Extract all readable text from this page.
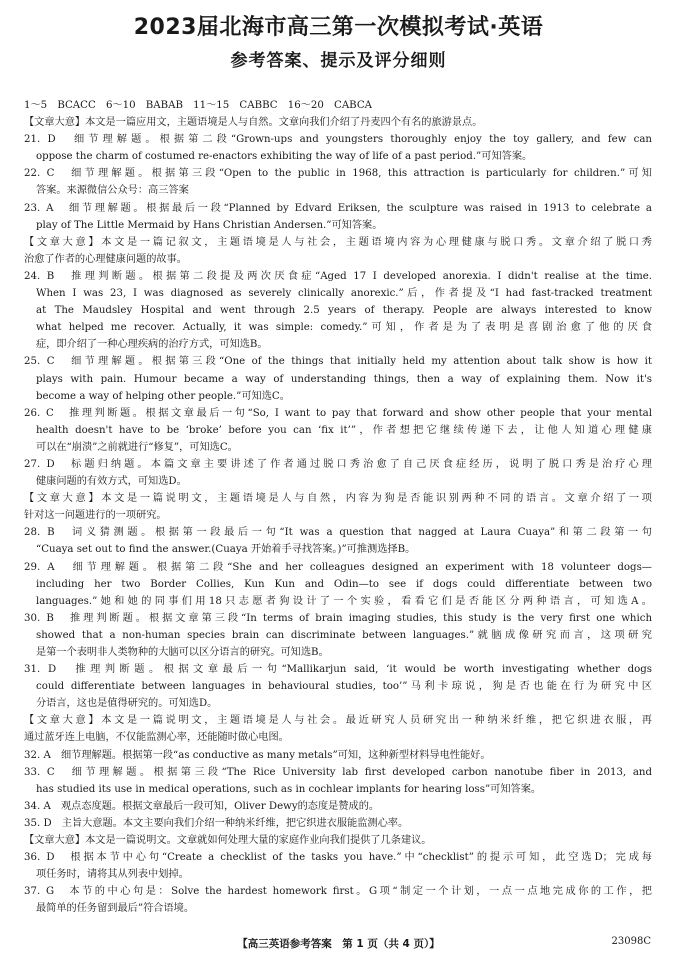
2023届北海市高三第一次模拟考试·英语
参考答案、提示及评分细则
1～5　BCACC　6～10　BABAB　11～15　CABBC　16～20　CABCA
【文章大意】本文是一篇应用文，主题语境是人与自然。文章向我们介绍了丹麦四个有名的旅游景点。
21. D　细节理解题。根据第二段“Grown-ups and youngsters thoroughly enjoy the toy gallery, and few can
oppose the charm of costumed re-enactors exhibiting the way of life of a past period.”可知答案。
22. C　细节理解题。根据第三段“Open to the public in 1968, this attraction is particularly for children.”可知
答案。来源微信公众号：高三答案
23. A　细节理解题。根据最后一段“Planned by Edvard Eriksen, the sculpture was raised in 1913 to celebrate a
play of The Little Mermaid by Hans Christian Andersen.”可知答案。
【文章大意】本文是一篇记叙文，主题语境是人与社会，主题语境内容为心理健康与脱口秀。文章介绍了脱口秀
治愈了作者的心理健康问题的故事。
24. B　推理判断题。根据第二段提及两次厌食症“Aged 17 I developed anorexia. I didn't realise at the time.
When I was 23, I was diagnosed as severely clinically anorexic.”后，作者提及“I had fast-tracked treatment
at The Maudsley Hospital and went through 2.5 years of therapy. People are always interested to know
what helped me recover. Actually, it was simple: comedy.”可知，作者是为了表明是喜剧治愈了他的厌食
症，即介绍了一种心理疾病的治疗方式，可知选B。
25. C　细节理解题。根据第三段“One of the things that initially held my attention about talk show is how it
plays with pain. Humour became a way of understanding things, then a way of explaining them. Now it's
become a way of helping other people.”可知选C。
26. C　推理判断题。根据文章最后一句“So, I want to pay that forward and show other people that your mental
health doesn't have to be ‘broke’ before you can ‘fix it’”，作者想把它继续传递下去，让他人知道心理健康
可以在“崩溃”之前就进行“修复”，可知选C。
27. D　标题归纳题。本篇文章主要讲述了作者通过脱口秀治愈了自己厌食症经历，说明了脱口秀是治疗心理
健康问题的有效方式，可知选D。
【文章大意】本文是一篇说明文，主题语境是人与自然，内容为狗是否能识别两种不同的语言。文章介绍了一项
针对这一问题进行的一项研究。
28. B　词义猜测题。根据第一段最后一句“It was a question that nagged at Laura Cuaya”和第二段第一句
“Cuaya set out to find the answer.(Cuaya 开始着手寻找答案。)”可推测选择B。
29. A　细节理解题。根据第二段“She and her colleagues designed an experiment with 18 volunteer dogs—
including her two Border Collies, Kun Kun and Odin—to see if dogs could differentiate between two
languages.”她和她的同事们用18只志愿者狗设计了一个实验，看看它们是否能区分两种语言，可知选A。
30. B　推理判断题。根据文章第三段“In terms of brain imaging studies, this study is the very first one which
showed that a non-human species brain can discriminate between languages.”就脑成像研究而言，这项研究
是第一个表明非人类物种的大脑可以区分语言的研究。可知选B。
31. D　推理判断题。根据文章最后一句“Mallikarjun said, ‘it would be worth investigating whether dogs
could differentiate between languages in behavioural studies, too’”马利卡琼说，狗是否也能在行为研究中区
分语言，这也是值得研究的。可知选D。
【文章大意】本文是一篇说明文，主题语境是人与社会。最近研究人员研究出一种纳米纤维，把它织进衣服，再
通过蓝牙连上电脑，不仅能监测心率，还能随时做心电图。
32. A　细节理解题。根据第一段“as conductive as many metals”可知，这种新型材料导电性能好。
33. C　细节理解题。根据第三段“The Rice University lab first developed carbon nanotube fiber in 2013, and
has studied its use in medical operations, such as in cochlear implants for hearing loss”可知答案。
34. A　观点态度题。根据文章最后一段可知，Oliver Dewy的态度是赞成的。
35. D　主旨大意题。本文主要向我们介绍一种纳米纤维，把它织进衣服能监测心率。
【文章大意】本文是一篇说明文。文章就如何处理大量的家庭作业向我们提供了几条建议。
36. D　根据本节中心句“Create a checklist of the tasks you have.”中“checklist”的提示可知，此空选D；完成每
项任务时，请将其从列表中划掉。
37. G　本节的中心句是：Solve the hardest homework first。G项“制定一个计划，一点一点地完成你的工作，把
最简单的任务留到最后”符合语境。
【高三英语参考答案　第 1 页（共 4 页）】	23098C
